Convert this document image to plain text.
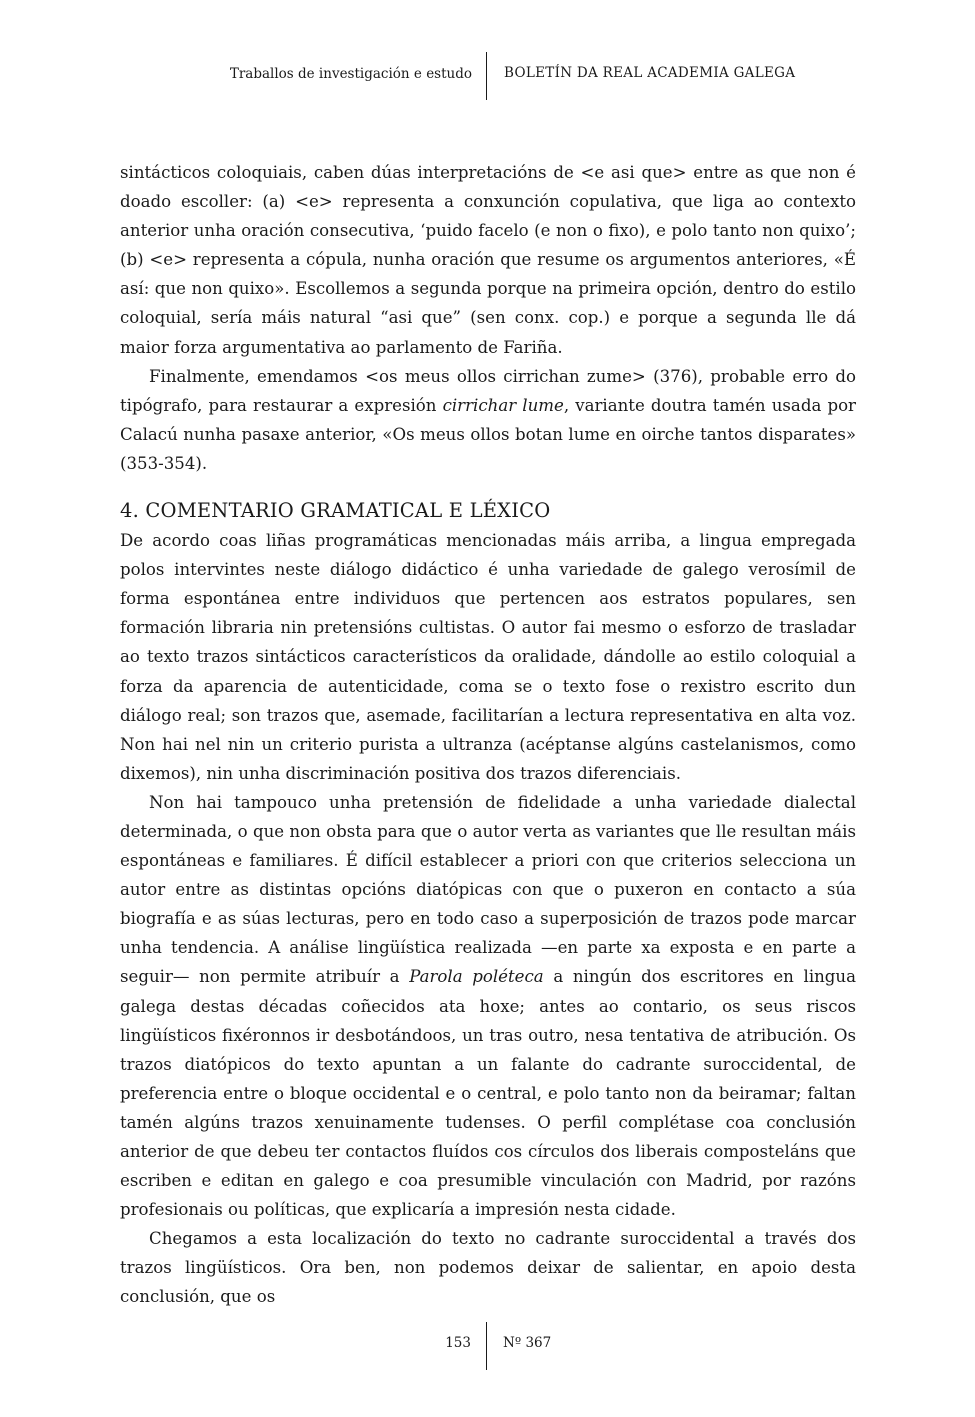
Traballos de investigación e estudo BOLETÍN DA REAL ACADEMIA GALEGA

sintácticos coloquiais, caben dúas interpretacións de <e asi que> entre as que non é doado escoller: (a) <e> representa a conxunción copulativa, que liga ao contexto anterior unha oración consecutiva, ‘puido facelo (e non o fixo), e polo tanto non quixo’; (b) <e> representa a cópula, nunha oración que resume os argumentos anteriores, «É así: que non quixo». Escollemos a segunda porque na primeira opción, dentro do estilo coloquial, sería máis natural “asi que” (sen conx. cop.) e porque a segunda lle dá maior forza argumentativa ao parlamento de Fariña.

Finalmente, emendamos <os meus ollos cirrichan zume> (376), probable erro do tipógrafo, para restaurar a expresión cirrichar lume, variante doutra tamén usada por Calacú nunha pasaxe anterior, «Os meus ollos botan lume en oirche tantos disparates» (353-354).

4. COMENTARIO GRAMATICAL E LÉXICO

De acordo coas liñas programáticas mencionadas máis arriba, a lingua empregada polos intervintes neste diálogo didáctico é unha variedade de galego verosímil de forma espontánea entre individuos que pertencen aos estratos populares, sen formación libraria nin pretensións cultistas. O autor fai mesmo o esforzo de trasladar ao texto trazos sintácticos característicos da oralidade, dándolle ao estilo coloquial a forza da aparencia de autenticidade, coma se o texto fose o rexistro escrito dun diálogo real; son trazos que, asemade, facilitarían a lectura representativa en alta voz. Non hai nel nin un criterio purista a ultranza (acéptanse algúns castelanismos, como dixemos), nin unha discriminación positiva dos trazos diferenciais.

Non hai tampouco unha pretensión de fidelidade a unha variedade dialectal determinada, o que non obsta para que o autor verta as variantes que lle resultan máis espontáneas e familiares. É difícil establecer a priori con que criterios selecciona un autor entre as distintas opcións diatópicas con que o puxeron en contacto a súa biografía e as súas lecturas, pero en todo caso a superposición de trazos pode marcar unha tendencia. A análise lingüística realizada —en parte xa exposta e en parte a seguir— non permite atribuír a Parola poléteca a ningún dos escritores en lingua galega destas décadas coñecidos ata hoxe; antes ao contario, os seus riscos lingüísticos fixéronnos ir desbotándoos, un tras outro, nesa tentativa de atribución. Os trazos diatópicos do texto apuntan a un falante do cadrante suroccidental, de preferencia entre o bloque occidental e o central, e polo tanto non da beiramar; faltan tamén algúns trazos xenuinamente tudenses. O perfil complétase coa conclusión anterior de que debeu ter contactos fluídos cos círculos dos liberais composteláns que escriben e editan en galego e coa presumible vinculación con Madrid, por razóns profesionais ou políticas, que explicaría a impresión nesta cidade.

Chegamos a esta localización do texto no cadrante suroccidental a través dos trazos lingüísticos. Ora ben, non podemos deixar de salientar, en apoio desta conclusión, que os

153 Nº 367
